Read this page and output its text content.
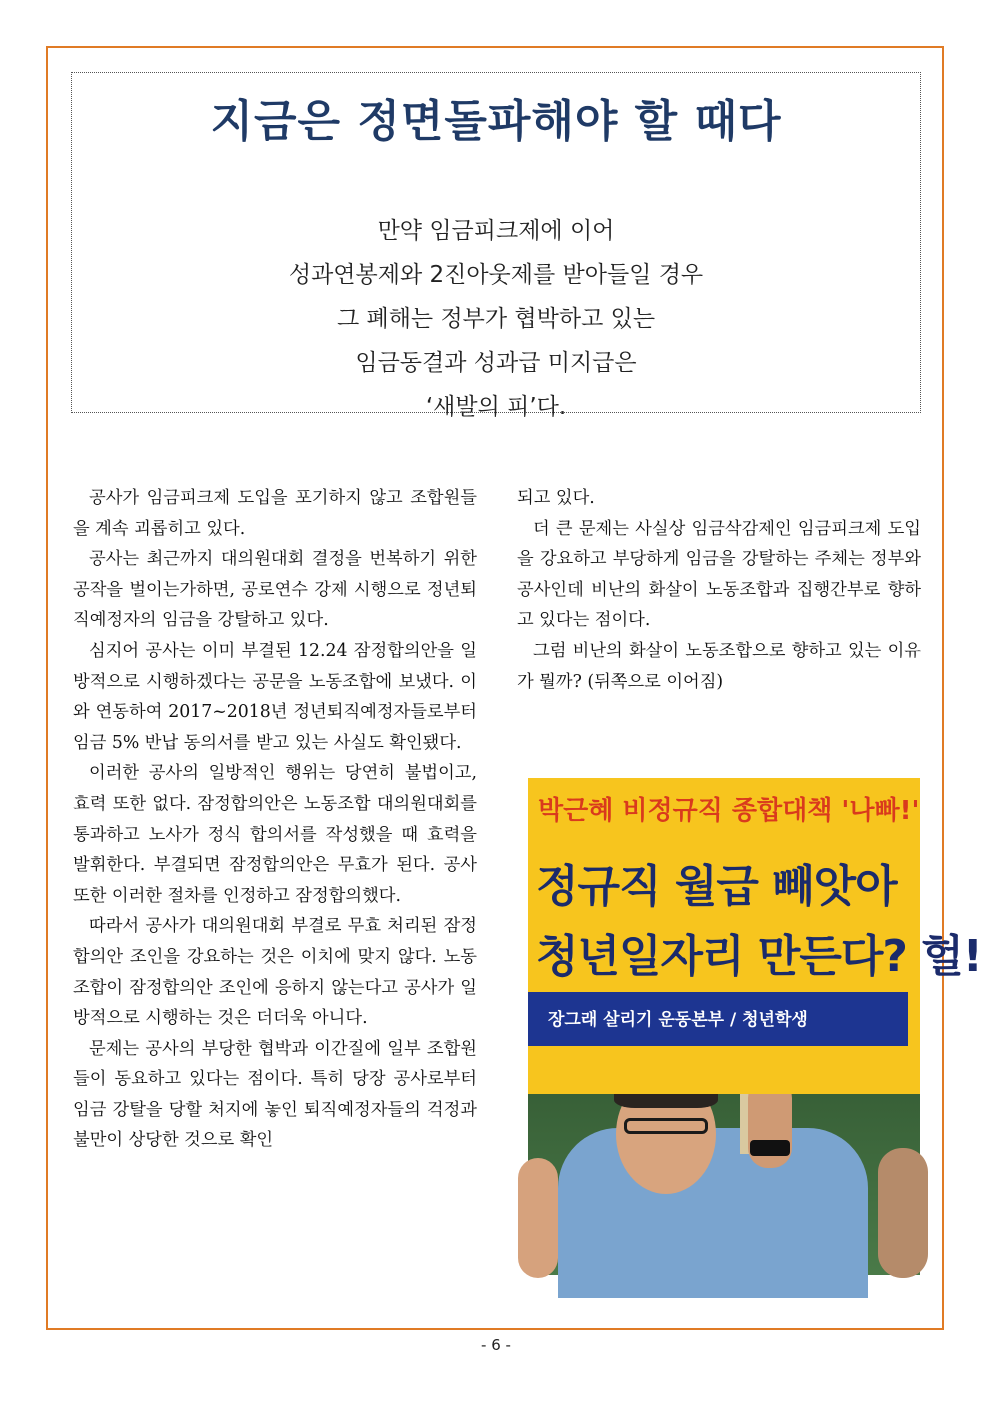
지금은 정면돌파해야 할 때다
만약 임금피크제에 이어
성과연봉제와 2진아웃제를 받아들일 경우
그 폐해는 정부가 협박하고 있는
임금동결과 성과급 미지급은
‘새발의 피’다.

공사가 임금피크제 도입을 포기하지 않고 조합원들을 계속 괴롭히고 있다.

공사는 최근까지 대의원대회 결정을 번복하기 위한 공작을 벌이는가하면, 공로연수 강제 시행으로 정년퇴직예정자의 임금을 강탈하고 있다.

심지어 공사는 이미 부결된 12.24 잠정합의안을 일방적으로 시행하겠다는 공문을 노동조합에 보냈다. 이와 연동하여 2017~2018년 정년퇴직예정자들로부터 임금 5% 반납 동의서를 받고 있는 사실도 확인됐다.

이러한 공사의 일방적인 행위는 당연히 불법이고, 효력 또한 없다. 잠정합의안은 노동조합 대의원대회를 통과하고 노사가 정식 합의서를 작성했을 때 효력을 발휘한다. 부결되면 잠정합의안은 무효가 된다. 공사 또한 이러한 절차를 인정하고 잠정합의했다.

따라서 공사가 대의원대회 부결로 무효 처리된 잠정합의안 조인을 강요하는 것은 이치에 맞지 않다. 노동조합이 잠정합의안 조인에 응하지 않는다고 공사가 일방적으로 시행하는 것은 더더욱 아니다.

문제는 공사의 부당한 협박과 이간질에 일부 조합원들이 동요하고 있다는 점이다. 특히 당장 공사로부터 임금 강탈을 당할 처지에 놓인 퇴직예정자들의 걱정과 불만이 상당한 것으로 확인

되고 있다.

더 큰 문제는 사실상 임금삭감제인 임금피크제 도입을 강요하고 부당하게 임금을 강탈하는 주체는 정부와 공사인데 비난의 화살이 노동조합과 집행간부로 향하고 있다는 점이다.

그럼 비난의 화살이 노동조합으로 향하고 있는 이유가 뭘까? (뒤쪽으로 이어짐)

박근혜 비정규직 종합대책 '나빠!'
정규직 월급 빼앗아
청년일자리 만든다? 헐!
장그래 살리기 운동본부 / 청년학생
- 6 -
